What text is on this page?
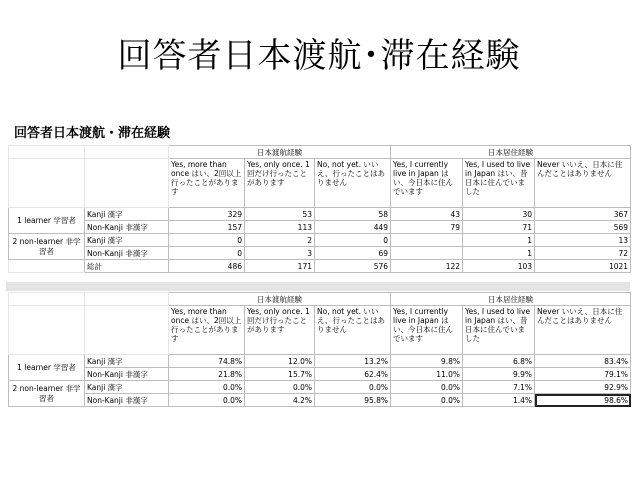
回答者日本渡航･滞在経験
回答者日本渡航・滞在経験
		日本渡航経験			日本居住経験		
		Yes, more than once はい、2回以上行ったことがあります	Yes, only once. 1回だけ行ったことがあります	No, not yet. いいえ、行ったことはありません	Yes, I currently live in Japan はい、今日本に住んでいます	Yes, I used to live in Japan はい、昔日本に住んでいました	Never いいえ、日本に住んだことはありません
1 learner 学習者	Kanji 漢字	329	53	58	43	30	367
	Non-Kanji 非漢字	157	113	449	79	71	569
2 non-learner 非学習者	Kanji 漢字	0	2	0		1	13
	Non-Kanji 非漢字	0	3	69		1	72
	総計	486	171	576	122	103	1021
		日本渡航経験			日本居住経験		
		Yes, more than once はい、2回以上行ったことがあります	Yes, only once. 1回だけ行ったことがあります	No, not yet. いいえ、行ったことはありません	Yes, I currently live in Japan はい、今日本に住んでいます	Yes, I used to live in Japan はい、昔日本に住んでいました	Never いいえ、日本に住んだことはありません
1 learner 学習者	Kanji 漢字	74.8%	12.0%	13.2%	9.8%	6.8%	83.4%
	Non-Kanji 非漢字	21.8%	15.7%	62.4%	11.0%	9.9%	79.1%
2 non-learner 非学習者	Kanji 漢字	0.0%	0.0%	0.0%	0.0%	7.1%	92.9%
	Non-Kanji 非漢字	0.0%	4.2%	95.8%	0.0%	1.4%	98.6%
